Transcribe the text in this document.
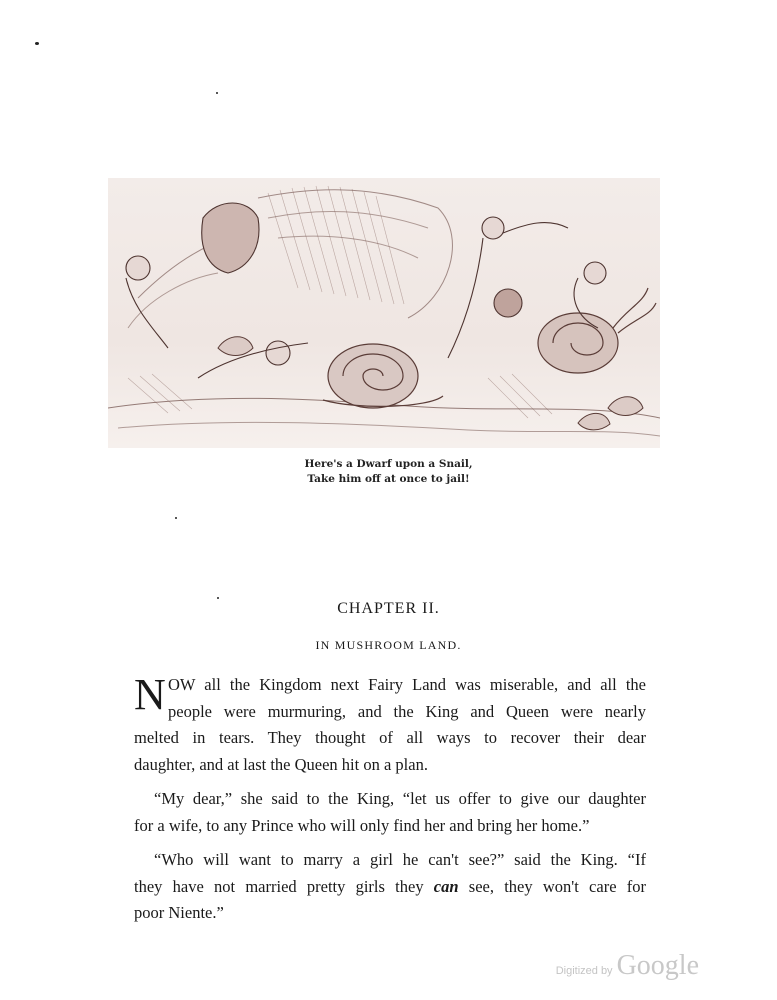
Here's a Dwarf upon a Snail,
Take him off at once to jail!
CHAPTER II.
IN MUSHROOM LAND.
N OW all the Kingdom next Fairy Land was miserable, and all the
people were murmuring, and the King and Queen were nearly
melted in tears. They thought of all ways to recover their dear
daughter, and at last the Queen hit on a plan.
“My dear,” she said to the King, “let us offer to give our daughter
for a wife, to any Prince who will only find her and bring her home.”
“Who will want to marry a girl he can't see?” said the King. “If
they have not married pretty girls they can see, they won't care for
poor Niente.”
Digitized by Google
